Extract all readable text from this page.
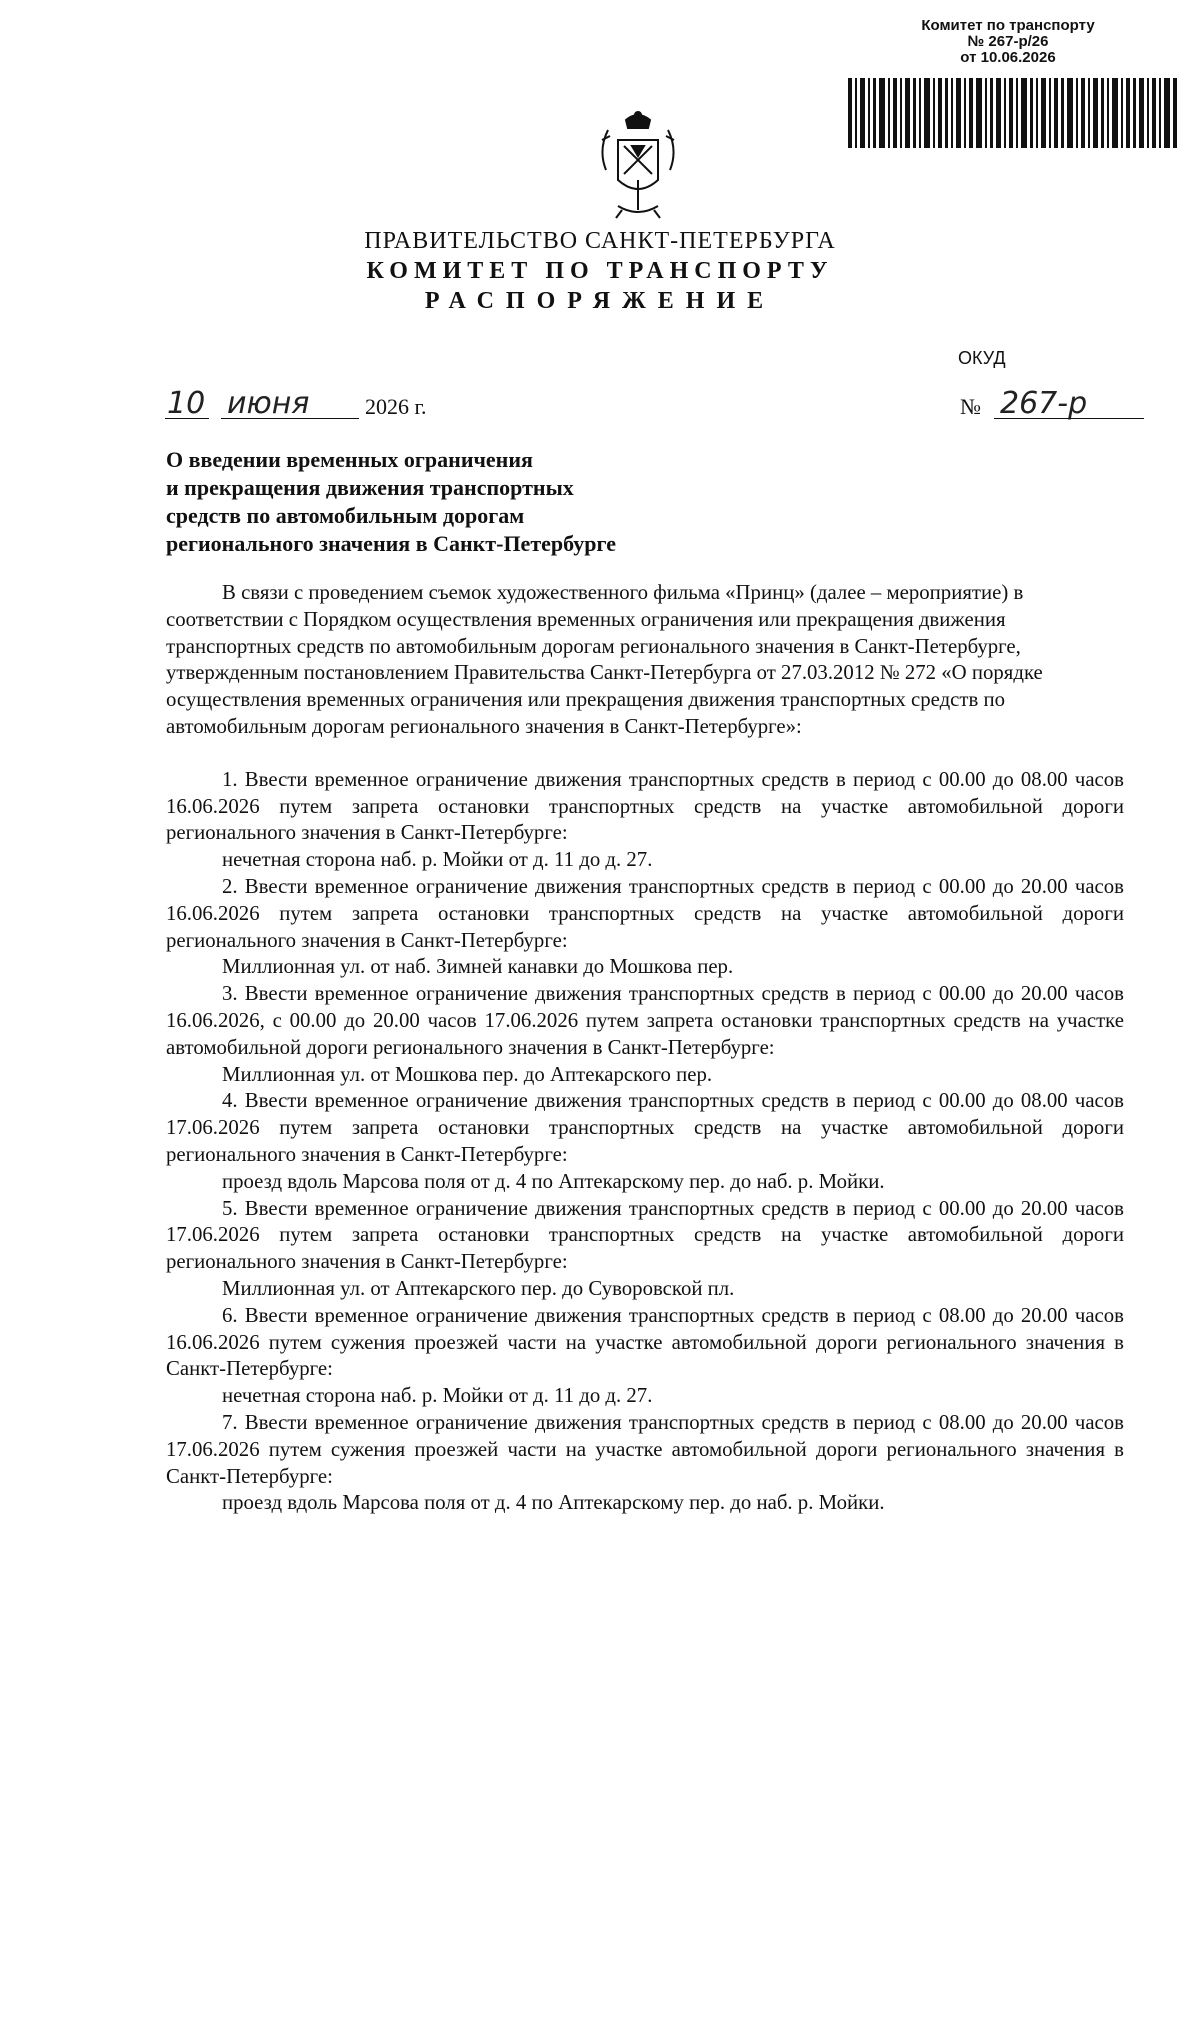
Комитет по транспорту
№ 267-р/26
от 10.06.2026
ПРАВИТЕЛЬСТВО САНКТ-ПЕТЕРБУРГА
КОМИТЕТ ПО ТРАНСПОРТУ
РАСПОРЯЖЕНИЕ
ОКУД
10 июня	2026 г.	№ 267-р
О введении временных ограничения
и прекращения движения транспортных
средств по автомобильным дорогам
регионального значения в Санкт-Петербурге

В связи с проведением съемок художественного фильма «Принц» (далее – мероприятие) в соответствии с Порядком осуществления временных ограничения или прекращения движения транспортных средств по автомобильным дорогам регионального значения в Санкт-Петербурге, утвержденным постановлением Правительства Санкт-Петербурга от 27.03.2012 № 272 «О порядке осуществления временных ограничения или прекращения движения транспортных средств по автомобильным дорогам регионального значения в Санкт-Петербурге»:

1. Ввести временное ограничение движения транспортных средств в период с 00.00 до 08.00 часов 16.06.2026 путем запрета остановки транспортных средств на участке автомобильной дороги регионального значения в Санкт-Петербурге:

нечетная сторона наб. р. Мойки от д. 11 до д. 27.

2. Ввести временное ограничение движения транспортных средств в период с 00.00 до 20.00 часов 16.06.2026 путем запрета остановки транспортных средств на участке автомобильной дороги регионального значения в Санкт-Петербурге:

Миллионная ул. от наб. Зимней канавки до Мошкова пер.

3. Ввести временное ограничение движения транспортных средств в период с 00.00 до 20.00 часов 16.06.2026, с 00.00 до 20.00 часов 17.06.2026 путем запрета остановки транспортных средств на участке автомобильной дороги регионального значения в Санкт-Петербурге:

Миллионная ул. от Мошкова пер. до Аптекарского пер.

4. Ввести временное ограничение движения транспортных средств в период с 00.00 до 08.00 часов 17.06.2026 путем запрета остановки транспортных средств на участке автомобильной дороги регионального значения в Санкт-Петербурге:

проезд вдоль Марсова поля от д. 4 по Аптекарскому пер. до наб. р. Мойки.

5. Ввести временное ограничение движения транспортных средств в период с 00.00 до 20.00 часов 17.06.2026 путем запрета остановки транспортных средств на участке автомобильной дороги регионального значения в Санкт-Петербурге:

Миллионная ул. от Аптекарского пер. до Суворовской пл.

6. Ввести временное ограничение движения транспортных средств в период с 08.00 до 20.00 часов 16.06.2026 путем сужения проезжей части на участке автомобильной дороги регионального значения в Санкт-Петербурге:

нечетная сторона наб. р. Мойки от д. 11 до д. 27.

7. Ввести временное ограничение движения транспортных средств в период с 08.00 до 20.00 часов 17.06.2026 путем сужения проезжей части на участке автомобильной дороги регионального значения в Санкт-Петербурге:

проезд вдоль Марсова поля от д. 4 по Аптекарскому пер. до наб. р. Мойки.
